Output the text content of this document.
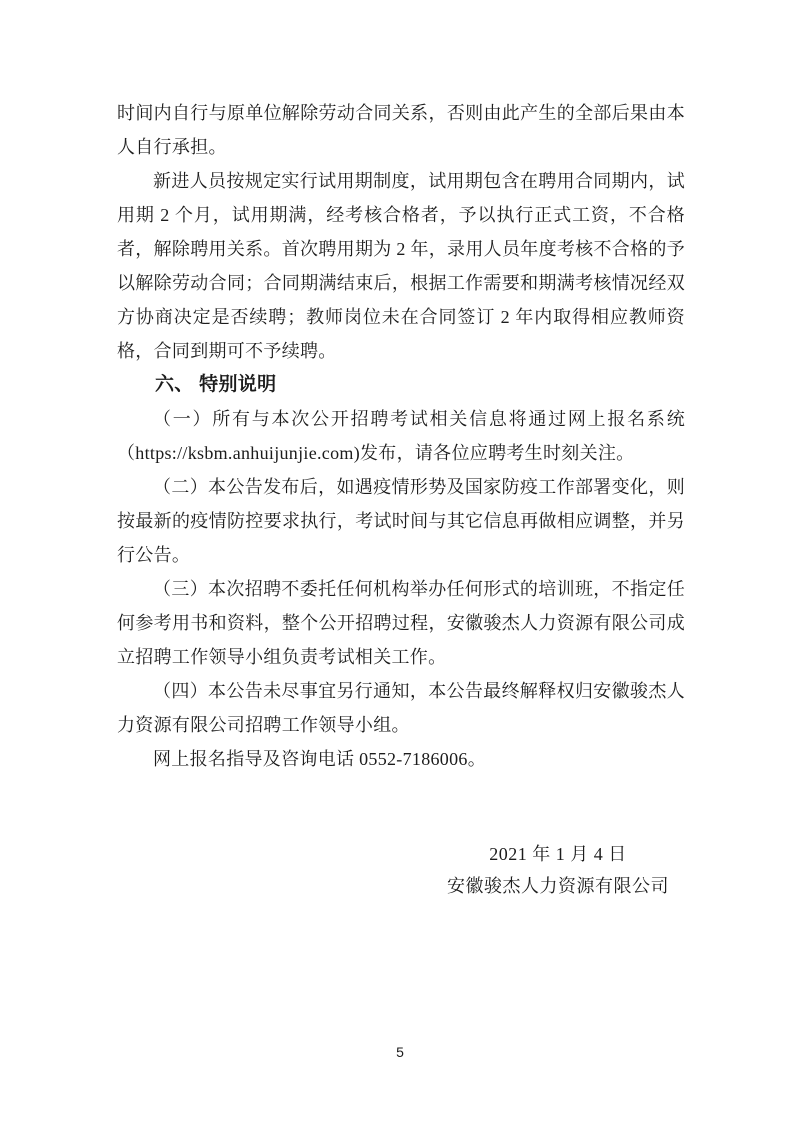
时间内自行与原单位解除劳动合同关系，否则由此产生的全部后果由本人自行承担。

新进人员按规定实行试用期制度，试用期包含在聘用合同期内，试用期 2 个月，试用期满，经考核合格者，予以执行正式工资，不合格者，解除聘用关系。首次聘用期为 2 年，录用人员年度考核不合格的予以解除劳动合同；合同期满结束后，根据工作需要和期满考核情况经双方协商决定是否续聘；教师岗位未在合同签订 2 年内取得相应教师资格，合同到期可不予续聘。

六、 特别说明

（一）所有与本次公开招聘考试相关信息将通过网上报名系统（https://ksbm.anhuijunjie.com)发布，请各位应聘考生时刻关注。

（二）本公告发布后，如遇疫情形势及国家防疫工作部署变化，则按最新的疫情防控要求执行，考试时间与其它信息再做相应调整，并另行公告。

（三）本次招聘不委托任何机构举办任何形式的培训班，不指定任何参考用书和资料，整个公开招聘过程，安徽骏杰人力资源有限公司成立招聘工作领导小组负责考试相关工作。

（四）本公告未尽事宜另行通知，本公告最终解释权归安徽骏杰人力资源有限公司招聘工作领导小组。

网上报名指导及咨询电话 0552-7186006。

2021 年 1 月 4 日

安徽骏杰人力资源有限公司

5
